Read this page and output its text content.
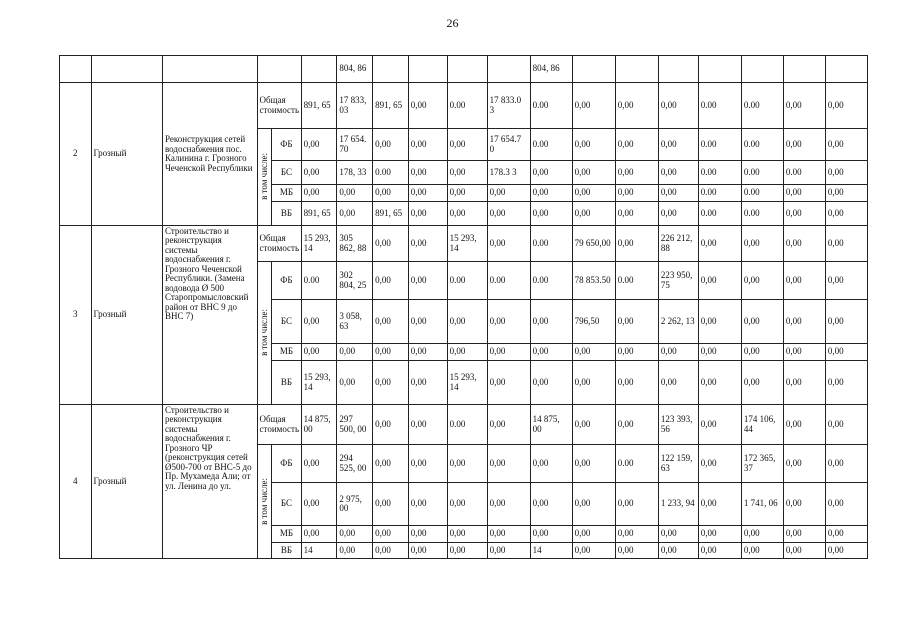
26
						804, 86					804, 86							
2	Грозный	Реконструкция сетей водоснабжения пос. Калинина г. Грозного Чеченской Республики	Общая стоимость		891, 65	17 833, 03	891, 65	0,00	0.00	17 833.0 3	0.00	0,00	0,00	0,00	0.00	0.00	0,00	0,00
			в том числе:	ФБ	0,00	17 654. 70	0,00	0,00	0,00	17 654.7 0	0.00	0,00	0,00	0,00	0.00	0.00	0,00	0,00
				БС	0,00	178, 33	0.00	0,00	0,00	178.3 3	0,00	0,00	0,00	0,00	0.00	0.00	0.00	0,00
				МБ	0,00	0,00	0,00	0,00	0,00	0,00	0,00	0,00	0,00	0,00	0.00	0.00	0,00	0,00
				ВБ	891, 65	0,00	891, 65	0,00	0,00	0,00	0,00	0,00	0,00	0,00	0.00	0.00	0,00	0,00
3	Грозный	Строительство и реконструкция системы водоснабжения г. Грозного Чеченской Республики. (Замена водовода Ø 500 Старопромысловский район от ВНС 9 до ВНС 7)	Общая стоимость		15 293, 14	305 862, 88	0,00	0,00	15 293, 14	0,00	0.00	79 650,00	0,00	226 212, 88	0,00	0,00	0,00	0,00
			в том числе:	ФБ	0.00	302 804, 25	0,00	0,00	0.00	0.00	0.00	78 853.50	0.00	223 950, 75	0,00	0,00	0,00	0,00
				БС	0,00	3 058, 63	0,00	0,00	0,00	0,00	0,00	796,50	0,00	2 262, 13	0,00	0,00	0,00	0,00
				МБ	0,00	0,00	0,00	0,00	0,00	0,00	0,00	0,00	0,00	0,00	0,00	0,00	0,00	0,00
				ВБ	15 293, 14	0,00	0,00	0,00	15 293, 14	0,00	0,00	0,00	0,00	0,00	0,00	0,00	0,00	0,00
4	Грозный	Строительство и реконструкция системы водоснабжения г. Грозного ЧР (реконструкция сетей Ø500-700 от ВНС-5 до Пр. Мухамеда Али; от ул. Ленина до ул.	Общая стоимость		14 875, 00	297 500, 00	0,00	0,00	0.00	0,00	14 875, 00	0,00	0,00	123 393, 56	0,00	174 106, 44	0,00	0,00
			в том числе:	ФБ	0,00	294 525, 00	0,00	0,00	0,00	0,00	0,00	0,00	0.00	122 159, 63	0,00	172 365, 37	0,00	0,00
				БС	0,00	2 975, 00	0,00	0,00	0,00	0,00	0,00	0,00	0,00	1 233, 94	0,00	1 741, 06	0,00	0,00
				МБ	0,00	0,00	0,00	0,00	0,00	0,00	0,00	0,00	0,00	0,00	0,00	0,00	0,00	0,00
				ВБ	14	0,00	0,00	0,00	0,00	0,00	14	0,00	0,00	0,00	0,00	0,00	0,00	0,00
